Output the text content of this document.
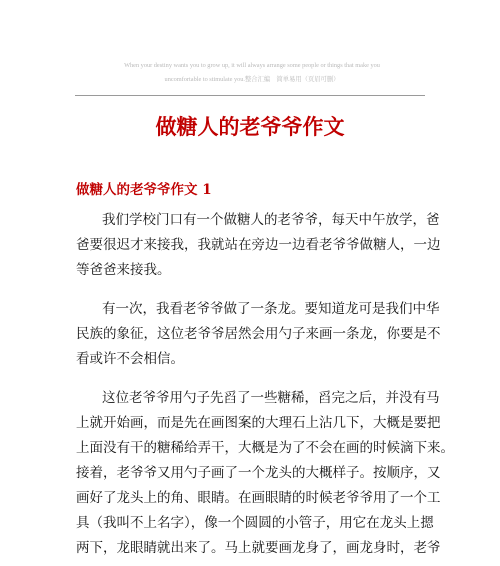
When your destiny wants you to grow up, it will always arrange some people or things that make you
uncomfortable to stimulate you.整合汇编　简单易用（页眉可删）
做糖人的老爷爷作文
做糖人的老爷爷作文 1
我们学校门口有一个做糖人的老爷爷，每天中午放学，爸
爸要很迟才来接我，我就站在旁边一边看老爷爷做糖人，一边
等爸爸来接我。
有一次，我看老爷爷做了一条龙。要知道龙可是我们中华
民族的象征，这位老爷爷居然会用勺子来画一条龙，你要是不
看或许不会相信。
这位老爷爷用勺子先舀了一些糖稀，舀完之后，并没有马
上就开始画，而是先在画图案的大理石上沾几下，大概是要把
上面没有干的糖稀给弄干，大概是为了不会在画的时候滴下来。
接着，老爷爷又用勺子画了一个龙头的大概样子。按顺序，又
画好了龙头上的角、眼睛。在画眼睛的时候老爷爷用了一个工
具（我叫不上名字），像一个圆圆的小管子，用它在龙头上摁
两下，龙眼睛就出来了。马上就要画龙身了，画龙身时，老爷
